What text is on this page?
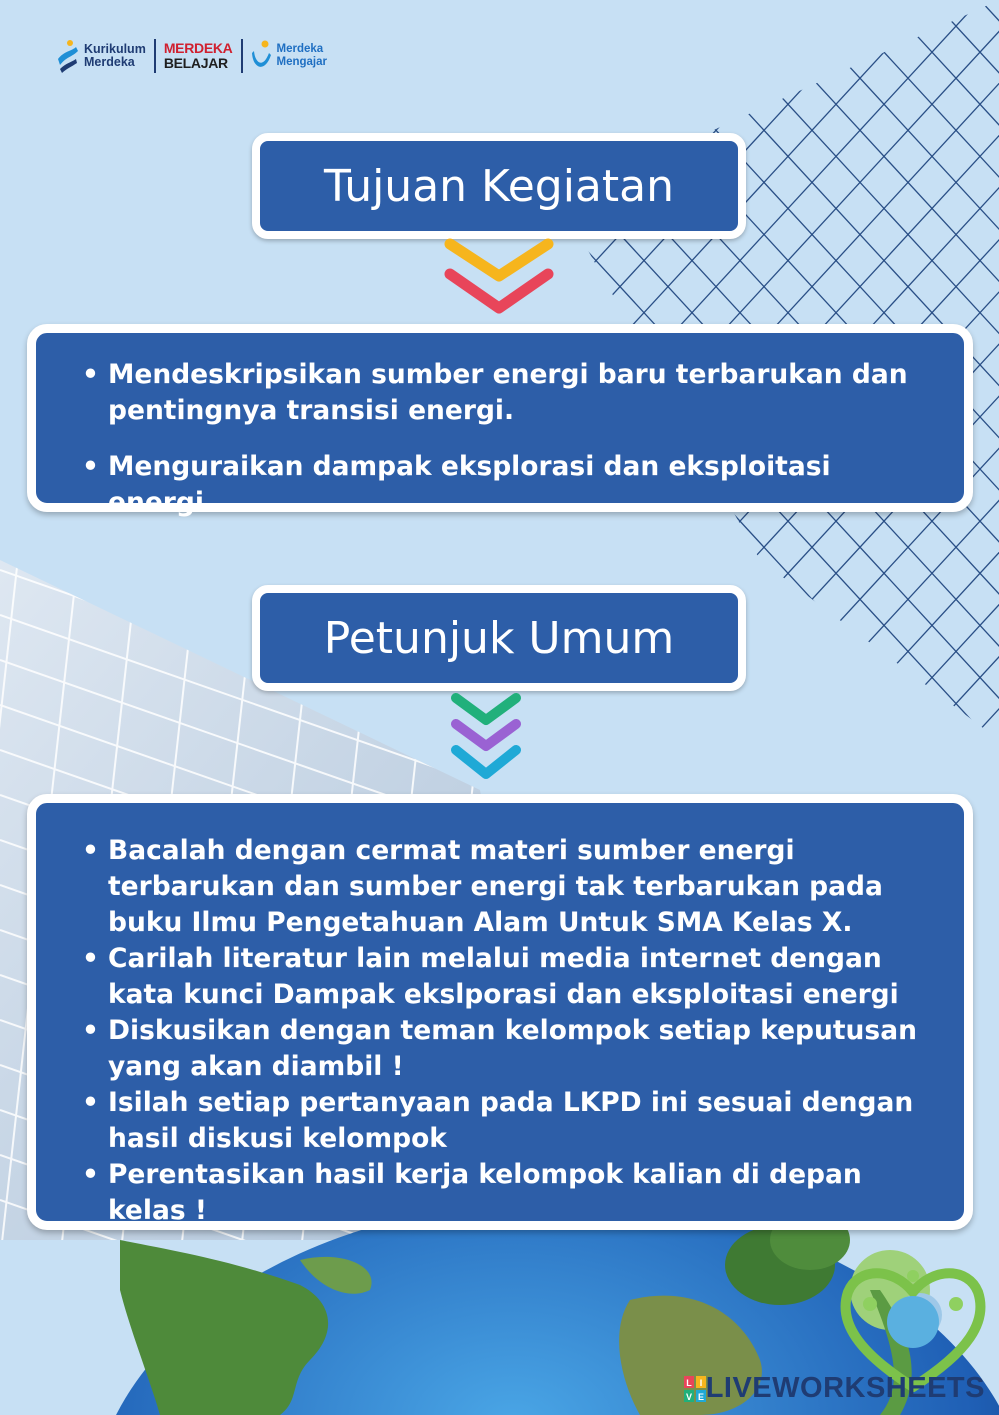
Kurikulum
Merdeka
MERDEKA
BELAJAR
Merdeka
Mengajar
Tujuan Kegiatan
• Mendeskripsikan sumber energi baru terbarukan dan pentingnya transisi energi.
• Menguraikan dampak eksplorasi dan eksploitasi energi.
Petunjuk Umum
• Bacalah dengan cermat materi sumber energi terbarukan dan sumber energi tak terbarukan pada buku Ilmu Pengetahuan Alam Untuk SMA Kelas X.
• Carilah literatur lain melalui media internet dengan kata kunci Dampak ekslporasi dan eksploitasi energi
• Diskusikan dengan teman kelompok setiap keputusan yang akan diambil !
• Isilah setiap pertanyaan pada LKPD ini sesuai dengan hasil diskusi kelompok
• Perentasikan hasil kerja kelompok kalian di depan kelas !
L I
V E LIVEWORKSHEETS
